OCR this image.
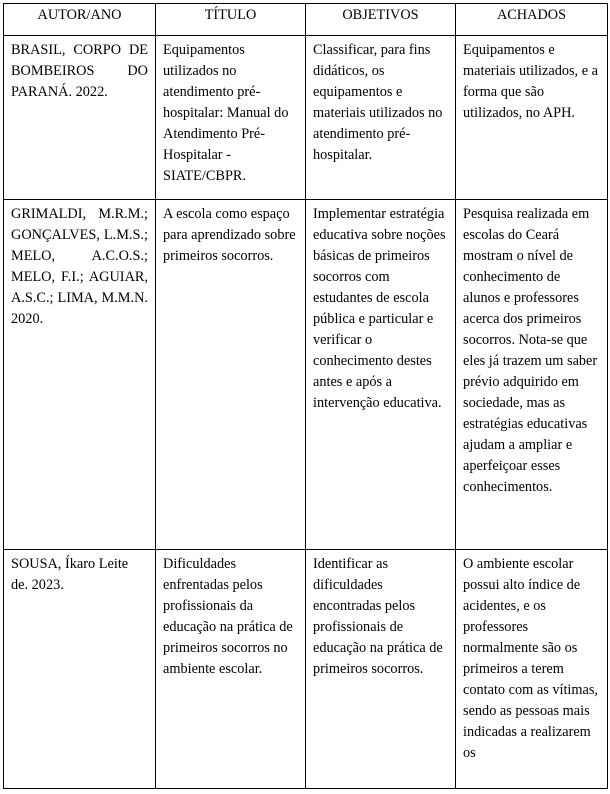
AUTOR/ANO	TÍTULO	OBJETIVOS	ACHADOS
BRASIL, CORPO DE BOMBEIROS DO PARANÁ. 2022.	Equipamentos utilizados no atendimento pré-hospitalar: Manual do Atendimento Pré-Hospitalar - SIATE/CBPR.	Classificar, para fins didáticos, os equipamentos e materiais utilizados no atendimento pré-hospitalar.	Equipamentos e materiais utilizados, e a forma que são utilizados, no APH.
GRIMALDI, M.R.M.; GONÇALVES, L.M.S.; MELO, A.C.O.S.; MELO, F.I.; AGUIAR, A.S.C.; LIMA, M.M.N. 2020.	A escola como espaço para aprendizado sobre primeiros socorros.	Implementar estratégia educativa sobre noções básicas de primeiros socorros com estudantes de escola pública e particular e verificar o conhecimento destes antes e após a intervenção educativa.	Pesquisa realizada em escolas do Ceará mostram o nível de conhecimento de alunos e professores acerca dos primeiros socorros. Nota-se que eles já trazem um saber prévio adquirido em sociedade, mas as estratégias educativas ajudam a ampliar e aperfeiçoar esses conhecimentos.
SOUSA, Íkaro Leite de. 2023.	Dificuldades enfrentadas pelos profissionais da educação na prática de primeiros socorros no ambiente escolar.	Identificar as dificuldades encontradas pelos profissionais de educação na prática de primeiros socorros.	O ambiente escolar possui alto índice de acidentes, e os professores normalmente são os primeiros a terem contato com as vítimas, sendo as pessoas mais indicadas a realizarem os
